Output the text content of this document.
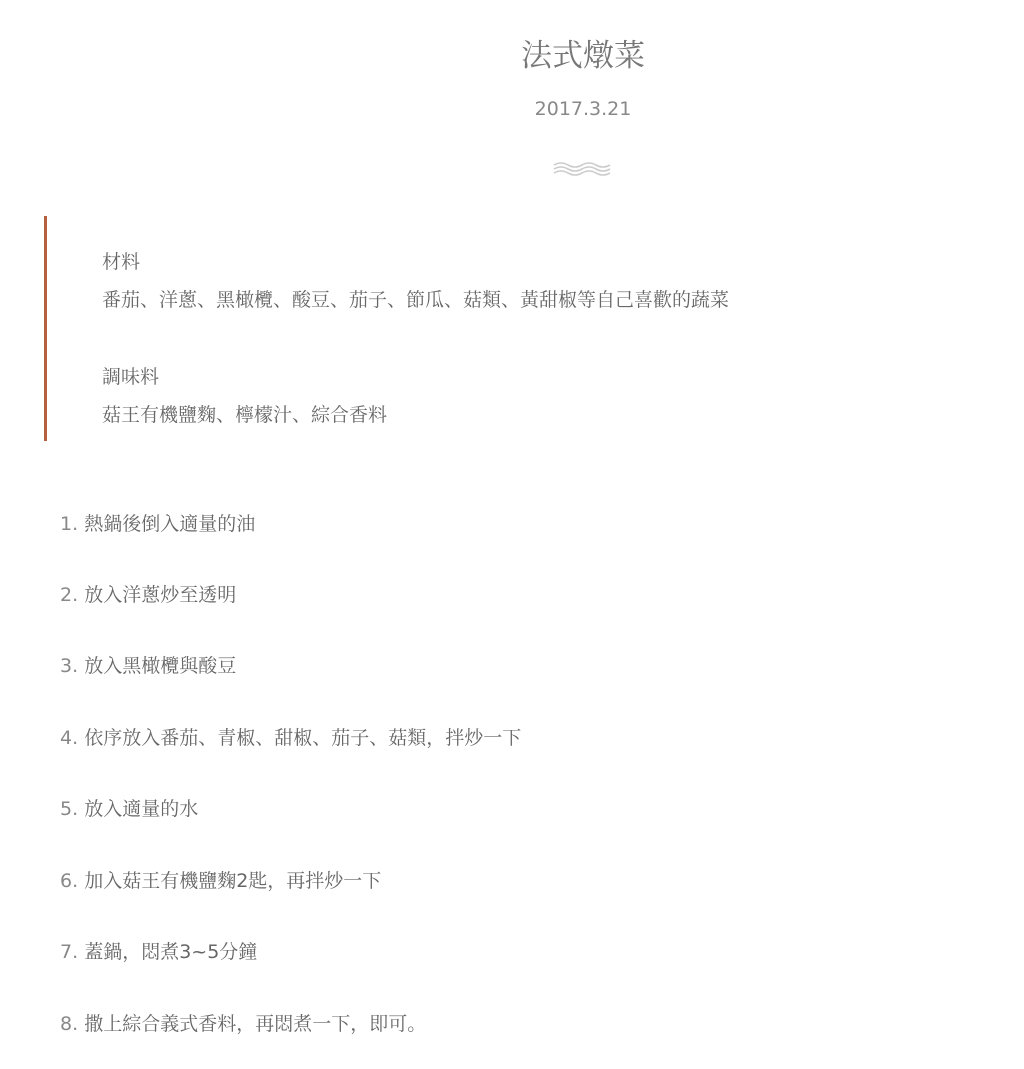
法式燉菜
2017.3.21
材料
番茄、洋蔥、黑橄欖、酸豆、茄子、節瓜、菇類、黃甜椒等自己喜歡的蔬菜
調味料
菇王有機鹽麴、檸檬汁、綜合香料
1. 熱鍋後倒入適量的油
2. 放入洋蔥炒至透明
3. 放入黑橄欖與酸豆
4. 依序放入番茄、青椒、甜椒、茄子、菇類，拌炒一下
5. 放入適量的水
6. 加入菇王有機鹽麴2匙，再拌炒一下
7. 蓋鍋，悶煮3~5分鐘
8. 撒上綜合義式香料，再悶煮一下，即可。
